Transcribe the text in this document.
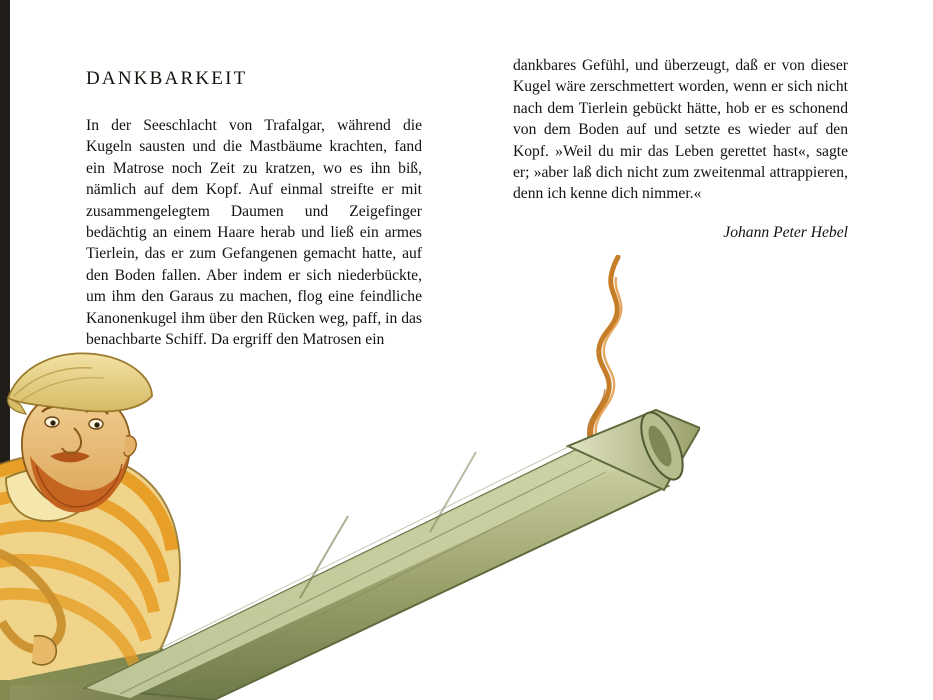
DANKBARKEIT

In der Seeschlacht von Trafalgar, während die Kugeln sausten und die Mastbäume krachten, fand ein Matrose noch Zeit zu kratzen, wo es ihn biß, nämlich auf dem Kopf. Auf einmal streifte er mit zusammengelegtem Daumen und Zeigefinger bedächtig an einem Haare herab und ließ ein armes Tierlein, das er zum Gefangenen gemacht hatte, auf den Boden fallen. Aber indem er sich niederbückte, um ihm den Garaus zu machen, flog eine feindliche Kanonenkugel ihm über den Rücken weg, paff, in das benachbarte Schiff. Da ergriff den Matrosen ein

dankbares Gefühl, und überzeugt, daß er von dieser Kugel wäre zerschmettert worden, wenn er sich nicht nach dem Tierlein gebückt hätte, hob er es schonend von dem Boden auf und setzte es wieder auf den Kopf. »Weil du mir das Leben gerettet hast«, sagte er; »aber laß dich nicht zum zweitenmal attrappieren, denn ich kenne dich nimmer.«

Johann Peter Hebel
